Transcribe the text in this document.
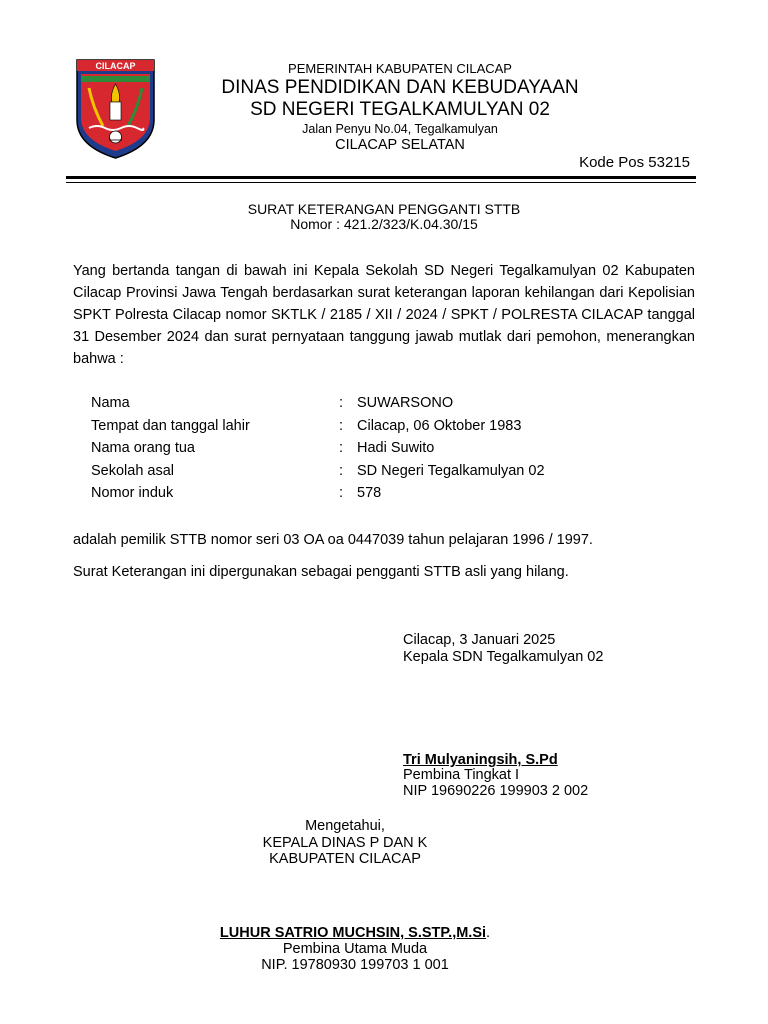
CILACAP	PEMERINTAH KABUPATEN CILACAP
DINAS PENDIDIKAN DAN KEBUDAYAAN
SD NEGERI TEGALKAMULYAN 02
Jalan Penyu No.04, Tegalkamulyan
CILACAP SELATAN
Kode Pos 53215
SURAT KETERANGAN PENGGANTI STTB
Nomor : 421.2/323/K.04.30/15

Yang bertanda tangan di bawah ini Kepala Sekolah SD Negeri Tegalkamulyan 02 Kabupaten Cilacap Provinsi Jawa Tengah berdasarkan surat keterangan laporan kehilangan dari Kepolisian SPKT Polresta Cilacap nomor SKTLK / 2185 / XII / 2024 / SPKT / POLRESTA CILACAP tanggal 31 Desember 2024 dan surat pernyataan tanggung jawab mutlak dari pemohon, menerangkan bahwa :

Nama	: SUWARSONO
Tempat dan tanggal lahir	: Cilacap, 06 Oktober 1983
Nama orang tua	: Hadi Suwito
Sekolah asal	: SD Negeri Tegalkamulyan 02
Nomor induk	: 578
adalah pemilik STTB nomor seri 03 OA oa 0447039 tahun pelajaran 1996 / 1997.
Surat Keterangan ini dipergunakan sebagai pengganti STTB asli yang hilang.
Cilacap, 3 Januari 2025
Kepala SDN Tegalkamulyan 02
Tri Mulyaningsih, S.Pd
Pembina Tingkat I
NIP 19690226 199903 2 002
Mengetahui,
KEPALA DINAS P DAN K
KABUPATEN CILACAP
LUHUR SATRIO MUCHSIN, S.STP.,M.Si.
Pembina Utama Muda
NIP. 19780930 199703 1 001
